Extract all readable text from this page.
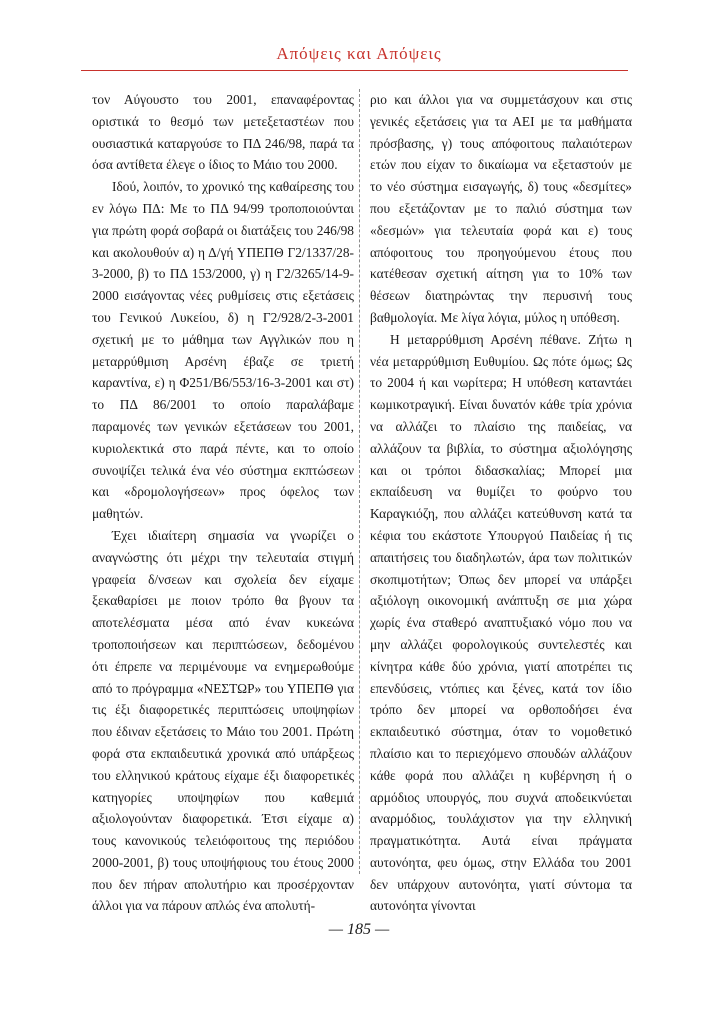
Απόψεις και Απόψεις

τον Αύγουστο του 2001, επαναφέροντας οριστικά το θεσμό των μετεξεταστέων που ουσιαστικά καταργούσε το ΠΔ 246/98, παρά τα όσα αντίθετα έλεγε ο ίδιος το Μάιο του 2000.

Ιδού, λοιπόν, το χρονικό της καθαίρεσης του εν λόγω ΠΔ: Με το ΠΔ 94/99 τροποποιούνται για πρώτη φορά σοβαρά οι διατάξεις του 246/98 και ακολουθούν α) η Δ/γή ΥΠΕΠΘ Γ2/1337/28-3-2000, β) το ΠΔ 153/2000, γ) η Γ2/3265/14-9-2000 εισάγοντας νέες ρυθμίσεις στις εξετάσεις του Γενικού Λυκείου, δ) η Γ2/928/2-3-2001 σχετική με το μάθημα των Αγγλικών που η μεταρρύθμιση Αρσένη έβαζε σε τριετή καραντίνα, ε) η Φ251/Β6/553/16-3-2001 και στ) το ΠΔ 86/2001 το οποίο παραλάβαμε παραμονές των γενικών εξετάσεων του 2001, κυριολεκτικά στο παρά πέντε, και το οποίο συνοψίζει τελικά ένα νέο σύστημα εκπτώσεων και «δρομολογήσεων» προς όφελος των μαθητών.

Έχει ιδιαίτερη σημασία να γνωρίζει ο αναγνώστης ότι μέχρι την τελευταία στιγμή γραφεία δ/νσεων και σχολεία δεν είχαμε ξεκαθαρίσει με ποιον τρόπο θα βγουν τα αποτελέσματα μέσα από έναν κυκεώνα τροποποιήσεων και περιπτώσεων, δεδομένου ότι έπρεπε να περιμένουμε να ενημερωθούμε από το πρόγραμμα «ΝΕΣΤΩΡ» του ΥΠΕΠΘ για τις έξι διαφορετικές περιπτώσεις υποψηφίων που έδιναν εξετάσεις το Μάιο του 2001. Πρώτη φορά στα εκπαιδευτικά χρονικά από υπάρξεως του ελληνικού κράτους είχαμε έξι διαφορετικές κατηγορίες υποψηφίων που καθεμιά αξιολογούνταν διαφορετικά. Έτσι είχαμε α) τους κανονικούς τελειόφοιτους της περιόδου 2000-2001, β) τους υποψήφιους του έτους 2000 που δεν πήραν απολυτήριο και προσέρχονταν άλλοι για να πάρουν απλώς ένα απολυτή-

ριο και άλλοι για να συμμετάσχουν και στις γενικές εξετάσεις για τα ΑΕΙ με τα μαθήματα πρόσβασης, γ) τους απόφοιτους παλαιότερων ετών που είχαν το δικαίωμα να εξεταστούν με το νέο σύστημα εισαγωγής, δ) τους «δεσμίτες» που εξετάζονταν με το παλιό σύστημα των «δεσμών» για τελευταία φορά και ε) τους απόφοιτους του προηγούμενου έτους που κατέθεσαν σχετική αίτηση για το 10% των θέσεων διατηρώντας την περυσινή τους βαθμολογία. Με λίγα λόγια, μύλος η υπόθεση.

Η μεταρρύθμιση Αρσένη πέθανε. Ζήτω η νέα μεταρρύθμιση Ευθυμίου. Ως πότε όμως; Ως το 2004 ή και νωρίτερα; Η υπόθεση καταντάει κωμικοτραγική. Είναι δυνατόν κάθε τρία χρόνια να αλλάζει το πλαίσιο της παιδείας, να αλλάζουν τα βιβλία, το σύστημα αξιολόγησης και οι τρόποι διδασκαλίας; Μπορεί μια εκπαίδευση να θυμίζει το φούρνο του Καραγκιόζη, που αλλάζει κατεύθυνση κατά τα κέφια του εκάστοτε Υπουργού Παιδείας ή τις απαιτήσεις του διαδηλωτών, άρα των πολιτικών σκοπιμοτήτων; Όπως δεν μπορεί να υπάρξει αξιόλογη οικονομική ανάπτυξη σε μια χώρα χωρίς ένα σταθερό αναπτυξιακό νόμο που να μην αλλάζει φορολογικούς συντελεστές και κίνητρα κάθε δύο χρόνια, γιατί αποτρέπει τις επενδύσεις, ντόπιες και ξένες, κατά τον ίδιο τρόπο δεν μπορεί να ορθοποδήσει ένα εκπαιδευτικό σύστημα, όταν το νομοθετικό πλαίσιο και το περιεχόμενο σπουδών αλλάζουν κάθε φορά που αλλάζει η κυβέρνηση ή ο αρμόδιος υπουργός, που συχνά αποδεικνύεται αναρμόδιος, τουλάχιστον για την ελληνική πραγματικότητα. Αυτά είναι πράγματα αυτονόητα, φευ όμως, στην Ελλάδα του 2001 δεν υπάρχουν αυτονόητα, γιατί σύντομα τα αυτονόητα γίνονται

— 185 —
